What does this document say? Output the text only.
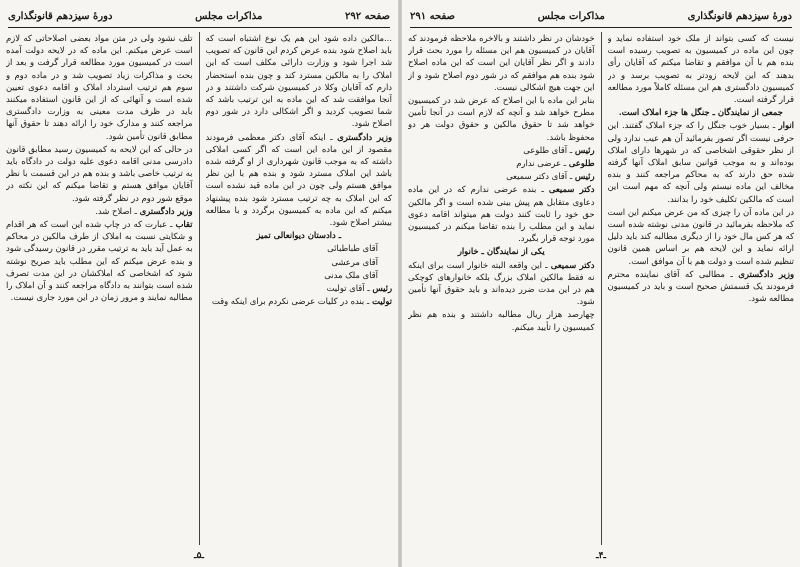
صفحه ۲۹۲
مذاکرات مجلس
دورهٔ سیزدهم قانونگذاری

...مالکین داده شود این هم یک نوع اشتباه است که باید اصلاح شود بنده عرض کردم این قانون که تصویب شد اجرا شود و وزارت دارائی مکلف است که این املاک را به مالکین مسترد کند و چون بنده استحضار دارم که آقایان وکلا در کمیسیون شرکت داشتند و در آنجا موافقت شد که این ماده به این ترتیب باشد که شما تصویب کردید و اگر اشکالی دارد در شور دوم اصلاح شود.

وزیر دادگستری ـ اینکه آقای دکتر معظمی فرمودند مقصود از این ماده این است که اگر کسی املاکی داشته که به موجب قانون شهرداری از او گرفته شده باشد این املاک مسترد شود و بنده هم با این نظر موافق هستم ولی چون در این ماده قید نشده است که این املاک به چه ترتیب مسترد شود بنده پیشنهاد میکنم که این ماده به کمیسیون برگردد و با مطالعه بیشتر اصلاح شود.

ـ دادستان دیوانعالی تمیز

آقای طباطبائی

آقای مرعشی

آقای ملک مدنی

رئیس ـ آقای تولیت

تولیت ـ بنده در کلیات عرضی نکردم برای اینکه وقت

تلف نشود ولی در متن مواد بعضی اصلاحاتی که لازم است عرض میکنم. این ماده که در لایحه دولت آمده است در کمیسیون مورد مطالعه قرار گرفت و بعد از بحث و مذاکرات زیاد تصویب شد و در ماده دوم و سوم هم ترتیب استرداد املاک و اقامه دعوی تعیین شده است و آنهائی که از این قانون استفاده میکنند باید در ظرف مدت معینی به وزارت دادگستری مراجعه کنند و مدارک خود را ارائه دهند تا حقوق آنها مطابق قانون تأمین شود.

در حالی که این لایحه به کمیسیون رسید مطابق قانون دادرسی مدنی اقامه دعوی علیه دولت در دادگاه باید به ترتیب خاصی باشد و بنده هم در این قسمت با نظر آقایان موافق هستم و تقاضا میکنم که این نکته در موقع شور دوم در نظر گرفته شود.

وزیر دادگستری ـ اصلاح شد.

تقاب ـ عبارت که در چاپ شده این است که هر اقدام و شکایتی نسبت به املاک از طرف مالکین در محاکم به عمل آید باید به ترتیب مقرر در قانون رسیدگی شود و بنده عرض میکنم که این مطلب باید صریح نوشته شود که اشخاصی که املاکشان در این مدت تصرف شده است بتوانند به دادگاه مراجعه کنند و آن املاک را مطالبه نمایند و مرور زمان در این مورد جاری نیست.

ـ۵ـ
دورهٔ سیزدهم قانونگذاری
مذاکرات مجلس
صفحه ۲۹۱

نیست که کسی بتواند از ملک خود استفاده نماید و چون این ماده در کمیسیون به تصویب رسیده است بنده هم با آن موافقم و تقاضا میکنم که آقایان رأی بدهند که این لایحه زودتر به تصویب برسد و در کمیسیون دادگستری هم این مسئله کاملاً مورد مطالعه قرار گرفته است.

جمعی از نمایندگان ـ جنگل ها جزء املاک است.

انوار ـ بسیار خوب جنگل را که جزء املاک گفتند. این حرفی نیست اگر تصور بفرمائید آن هم عیب ندارد ولی از نظر حقوقی اشخاصی که در شهرها دارای املاک بوده‌اند و به موجب قوانین سابق املاک آنها گرفته شده حق دارند که به محاکم مراجعه کنند و بنده مخالف این ماده نیستم ولی آنچه که مهم است این است که مالکین تکلیف خود را بدانند.

در این ماده آن را چیزی که من عرض میکنم این است که ملاحظه بفرمائید در قانون مدنی نوشته شده است که هر کس مال خود را از دیگری مطالبه کند باید دلیل ارائه نماید و این لایحه هم بر اساس همین قانون تنظیم شده است و دولت هم با آن موافق است.

وزیر دادگستری ـ مطالبی که آقای نماینده محترم فرمودند یک قسمتش صحیح است و باید در کمیسیون مطالعه شود.

خودشان در نظر داشتند و بالاخره ملاحظه فرمودند که آقایان در کمیسیون هم این مسئله را مورد بحث قرار دادند و اگر نظر آقایان این است که این ماده اصلاح شود بنده هم موافقم که در شور دوم اصلاح شود و از این جهت هیچ اشکالی نیست.

بنابر این ماده با این اصلاح که عرض شد در کمیسیون مطرح خواهد شد و آنچه که لازم است در آنجا تأمین خواهد شد تا حقوق مالکین و حقوق دولت هر دو محفوظ باشد.

رئیس ـ آقای طلوعی

طلوعی ـ عرضی ندارم

رئیس ـ آقای دکتر سمیعی

دکتر سمیعی ـ بنده عرضی ندارم که در این ماده دعاوی متقابل هم پیش بینی شده است و اگر مالکین حق خود را ثابت کنند دولت هم میتواند اقامه دعوی نماید و این مطلب را بنده تقاضا میکنم در کمیسیون مورد توجه قرار بگیرد.

یکی از نمایندگان ـ خانوار

دکتر سمیعی ـ این واقعه البته خانوار است برای اینکه نه فقط مالکین املاک بزرگ بلکه خانوارهای کوچکی هم در این مدت ضرر دیده‌اند و باید حقوق آنها تأمین شود.

چهارصد هزار ریال مطالبه داشتند و بنده هم نظر کمیسیون را تأیید میکنم.

ـ۴ـ
